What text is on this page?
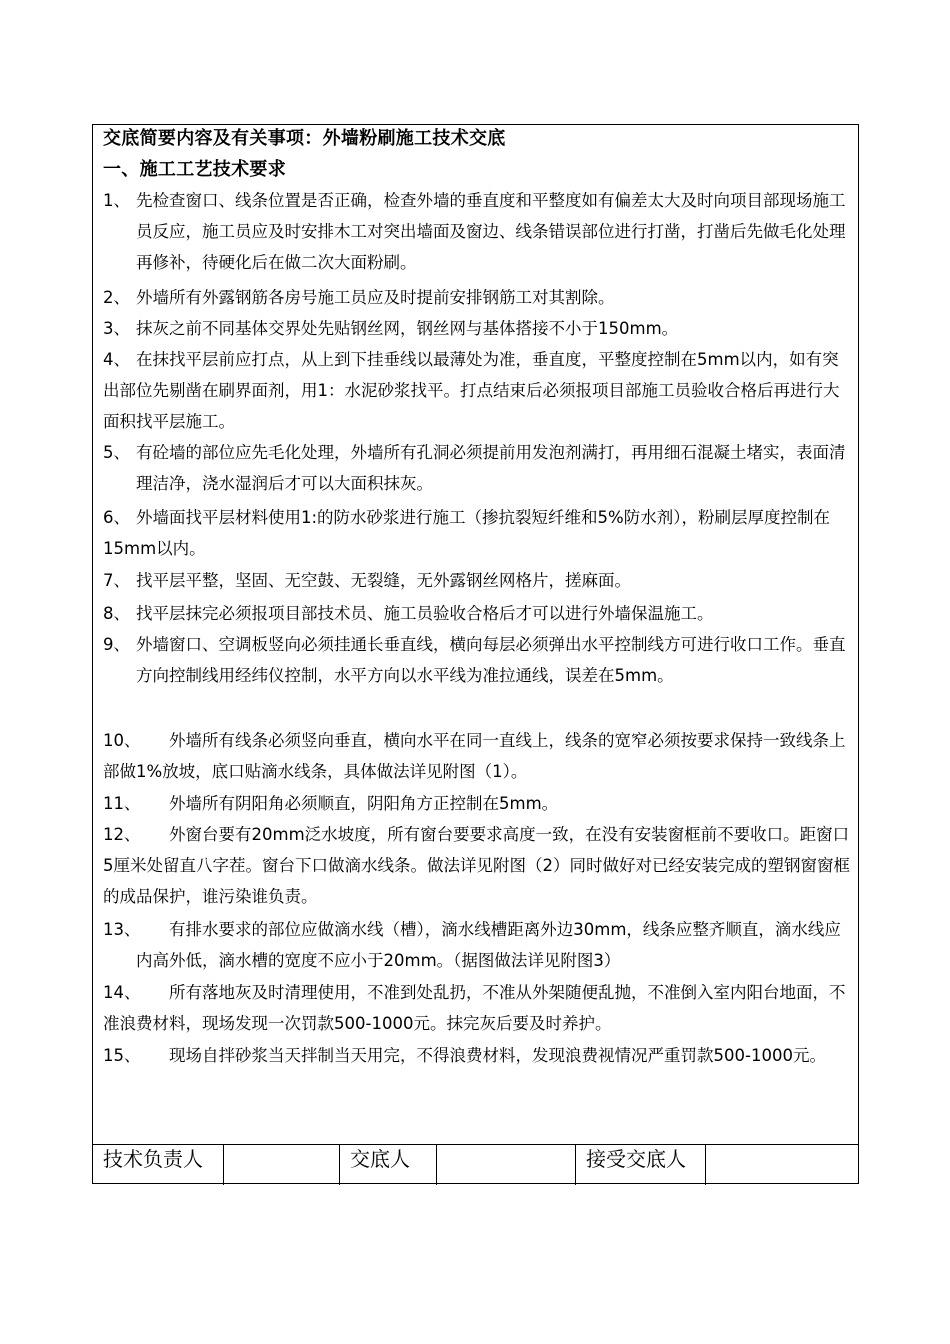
交底简要内容及有关事项：外墙粉刷施工技术交底
一、施工工艺技术要求
1、 先检查窗口、线条位置是否正确，检查外墙的垂直度和平整度如有偏差太大及时向项目部现场施工员反应，施工员应及时安排木工对突出墙面及窗边、线条错误部位进行打凿，打凿后先做毛化处理再修补，待硬化后在做二次大面粉刷。
2、 外墙所有外露钢筋各房号施工员应及时提前安排钢筋工对其割除。
3、 抹灰之前不同基体交界处先贴钢丝网，钢丝网与基体搭接不小于150mm。
4、 在抹找平层前应打点，从上到下挂垂线以最薄处为准，垂直度，平整度控制在5mm以内，如有突出部位先剔凿在刷界面剂，用1：水泥砂浆找平。打点结束后必须报项目部施工员验收合格后再进行大面积找平层施工。
5、 有砼墙的部位应先毛化处理，外墙所有孔洞必须提前用发泡剂满打，再用细石混凝土堵实，表面清理洁净，浇水湿润后才可以大面积抹灰。
6、 外墙面找平层材料使用1:的防水砂浆进行施工（掺抗裂短纤维和5%防水剂），粉刷层厚度控制在15mm以内。
7、 找平层平整，坚固、无空鼓、无裂缝，无外露钢丝网格片，搓麻面。
8、 找平层抹完必须报项目部技术员、施工员验收合格后才可以进行外墙保温施工。
9、 外墙窗口、空调板竖向必须挂通长垂直线，横向每层必须弹出水平控制线方可进行收口工作。垂直方向控制线用经纬仪控制，水平方向以水平线为准拉通线，误差在5mm。
10、	外墙所有线条必须竖向垂直，横向水平在同一直线上，线条的宽窄必须按要求保持一致线条上部做1%放坡，底口贴滴水线条，具体做法详见附图（1）。
11、	外墙所有阴阳角必须顺直，阴阳角方正控制在5mm。
12、	外窗台要有20mm泛水坡度，所有窗台要要求高度一致，在没有安装窗框前不要收口。距窗口5厘米处留直八字茬。窗台下口做滴水线条。做法详见附图（2）同时做好对已经安装完成的塑钢窗窗框的成品保护，谁污染谁负责。
13、	有排水要求的部位应做滴水线（槽），滴水线槽距离外边30mm，线条应整齐顺直，滴水线应内高外低，滴水槽的宽度不应小于20mm。（据图做法详见附图3）
14、	所有落地灰及时清理使用，不准到处乱扔，不准从外架随便乱抛，不准倒入室内阳台地面，不准浪费材料，现场发现一次罚款500-1000元。抹完灰后要及时养护。
15、	现场自拌砂浆当天拌制当天用完，不得浪费材料，发现浪费视情况严重罚款500-1000元。
技术负责人	交底人	接受交底人
